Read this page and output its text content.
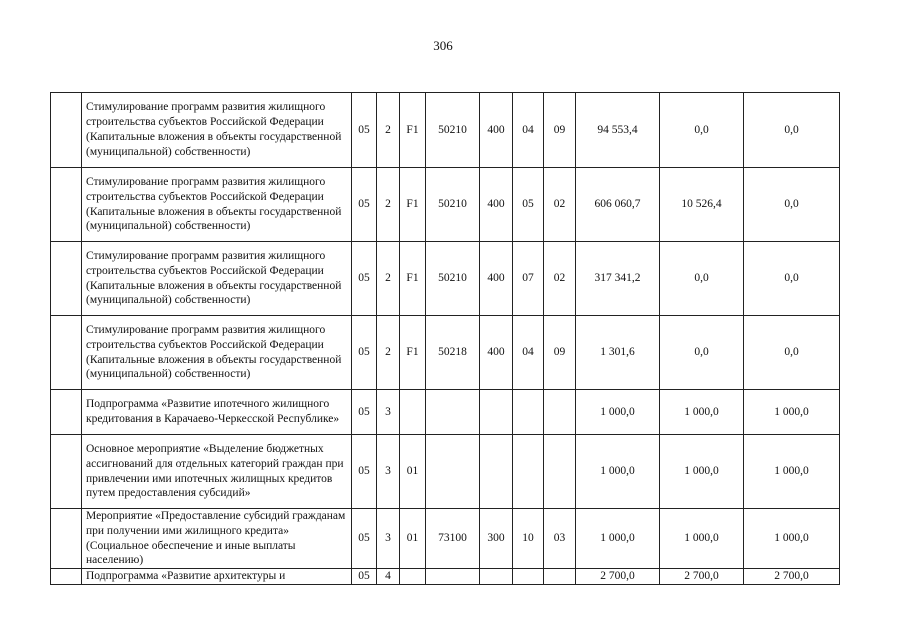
306
	Стимулирование программ развития жилищного строительства субъектов Российской Федерации (Капитальные вложения в объекты государственной (муниципальной) собственности)	05	2	F1	50210	400	04	09	94 553,4	0,0	0,0
	Стимулирование программ развития жилищного строительства субъектов Российской Федерации (Капитальные вложения в объекты государственной (муниципальной) собственности)	05	2	F1	50210	400	05	02	606 060,7	10 526,4	0,0
	Стимулирование программ развития жилищного строительства субъектов Российской Федерации (Капитальные вложения в объекты государственной (муниципальной) собственности)	05	2	F1	50210	400	07	02	317 341,2	0,0	0,0
	Стимулирование программ развития жилищного строительства субъектов Российской Федерации (Капитальные вложения в объекты государственной (муниципальной) собственности)	05	2	F1	50218	400	04	09	1 301,6	0,0	0,0
	Подпрограмма «Развитие ипотечного жилищного кредитования в Карачаево-Черкесской Республике»	05	3						1 000,0	1 000,0	1 000,0
	Основное мероприятие «Выделение бюджетных ассигнований для отдельных категорий граждан при привлечении ими ипотечных жилищных кредитов путем предоставления субсидий»	05	3	01					1 000,0	1 000,0	1 000,0
	Мероприятие «Предоставление субсидий гражданам при получении ими жилищного кредита» (Социальное обеспечение и иные выплаты населению)	05	3	01	73100	300	10	03	1 000,0	1 000,0	1 000,0
	Подпрограмма «Развитие архитектуры и	05	4						2 700,0	2 700,0	2 700,0
